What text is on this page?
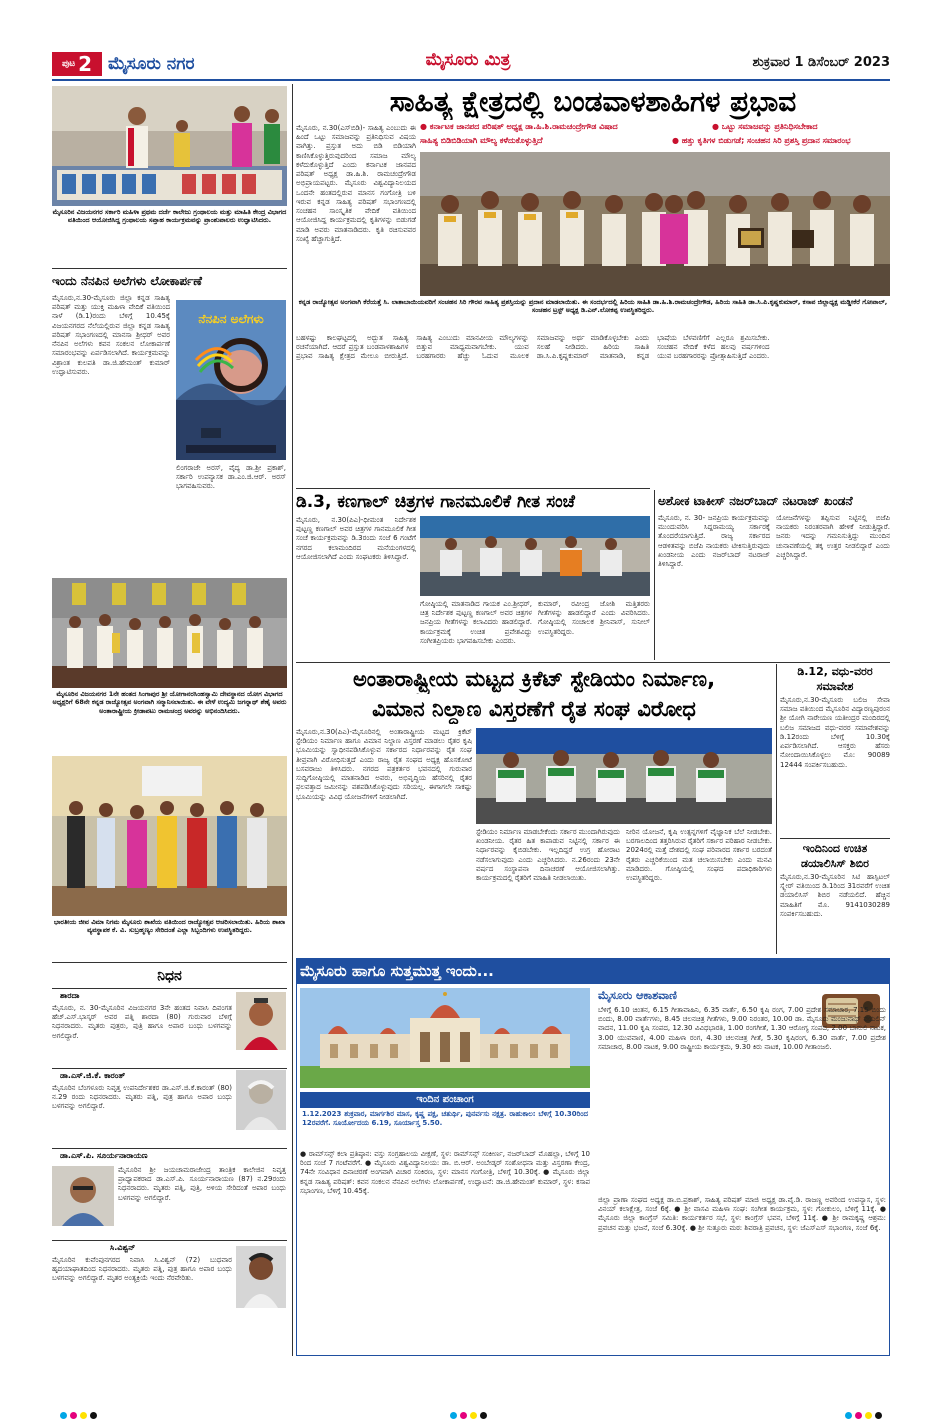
ಪುಟ 2 ಮೈಸೂರು ನಗರ	ಮೈಸೂರು ಮಿತ್ರ	ಶುಕ್ರವಾರ 1 ಡಿಸೆಂಬರ್ 2023
ಮೈಸೂರಿನ ವಿಜಯನಗರ ಸರ್ಕಾರಿ ಮಹಿಳಾ ಪ್ರಥಮ ದರ್ಜೆ ಕಾಲೇಜು ಗ್ರಂಥಾಲಯ ಮತ್ತು ಮಾಹಿತಿ ಕೇಂದ್ರ ವಿಭಾಗದ ವತಿಯಿಂದ ಆಯೋಜಿಸಿದ್ದ ಗ್ರಂಥಾಲಯ ಸಪ್ತಾಹ ಕಾರ್ಯಕ್ರಮವನ್ನು ಪ್ರಾಂಶುಪಾಲರು ಉದ್ಘಾಟಿಸಿದರು.
ಇಂದು ನೆನಪಿನ ಅಲೆಗಳು ಲೋಕಾರ್ಪಣೆ
ಮೈಸೂರು,ನ.30-ಮೈಸೂರು ಜಿಲ್ಲಾ ಕನ್ನಡ ಸಾಹಿತ್ಯ ಪರಿಷತ್ ಮತ್ತು ಯುಕ್ತಿ ಮಹಿಳಾ ವೇದಿಕೆ ವತಿಯಿಂದ ನಾಳೆ (ಡಿ.1)ರಂದು ಬೆಳಿಗ್ಗೆ 10.45ಕ್ಕೆ ವಿಜಯನಗರದ ನೆಲೆಯಲ್ಲಿರುವ ಜಿಲ್ಲಾ ಕನ್ನಡ ಸಾಹಿತ್ಯ ಪರಿಷತ್ ಸಭಾಂಗಣದಲ್ಲಿ ಮಾನಸಾ ಶ್ರೀಧರ್ ಅವರ ನೆನಪಿನ ಅಲೆಗಳು ಕವನ ಸಂಕಲನ ಲೋಕಾರ್ಪಣೆ ಸಮಾರಂಭವನ್ನು ಏರ್ಪಡಿಸಲಾಗಿದೆ. ಕಾರ್ಯಕ್ರಮವನ್ನು ವಿಶ್ರಾಂತ ಕುಲಪತಿ ಡಾ.ಜಿ.ಹೇಮಂತ್ ಕುಮಾರ್ ಉದ್ಘಾಟಿಸುವರು.
ನೆನಪಿನ ಅಲೆಗಳು
ಲಿಂಗರಾಜೇ ಅರಸ್, ವೈದ್ಯ ಡಾ.ಶ್ರೀ ಪ್ರಕಾಶ್, ಸರ್ಕಾರಿ ಉಪನ್ಯಾಸಕ ಡಾ.ಎಂ.ಜಿ.ಆರ್. ಅರಸ್ ಭಾಗವಹಿಸುವರು.
ಮೈಸೂರಿನ ವಿಜಯನಗರ 1ನೇ ಹಂತದ ಸಿಂಗಾಪುರ ಶ್ರೀ ಯೋಗಾನರಸಿಂಹಸ್ವಾಮಿ ದೇವಸ್ಥಾನದ ಯೋಗ ವಿಭಾಗದ ಅಧ್ಯಕ್ಷರಿಗೆ 68ನೇ ಕನ್ನಡ ರಾಜ್ಯೋತ್ಸವ ಅಂಗವಾಗಿ ಸನ್ಮಾನಿಸಲಾಯಿತು. ಈ ವೇಳೆ ಉದ್ಯಮಿ ಜಗನ್ನಾಥ್ ಶೆಣೈ ಅವರು ಅಂತಾರಾಷ್ಟ್ರೀಯ ಕ್ರೀಡಾಪಟು ರಾಮಚಂದ್ರ ಅವರನ್ನು ಅಭಿನಂದಿಸಿದರು.
ಭಾರತೀಯ ಜೀವ ವಿಮಾ ನಿಗಮ ಮೈಸೂರು ಶಾಖೆಯ ವತಿಯಿಂದ ರಾಜ್ಯೋತ್ಸವ ಆಚರಿಸಲಾಯಿತು. ಹಿರಿಯ ಶಾಖಾ ವ್ಯವಸ್ಥಾಪಕ ಕೆ. ವಿ. ಸುಬ್ರಹ್ಮಣ್ಯಂ ಸೇರಿದಂತೆ ಎಲ್ಲಾ ಸಿಬ್ಬಂದಿಗಳು ಉಪಸ್ಥಿತರಿದ್ದರು.
ನಿಧನ
ಶಾರದಾ
ಮೈಸೂರು, ನ. 30-ಮೈಸೂರಿನ ವಿಜಯನಗರ 3ನೇ ಹಂತದ ನಿವಾಸಿ ದಿವಂಗತ ಹೆಚ್.ಎಸ್.ಭಾಸ್ಕರ್ ಅವರ ಪತ್ನಿ ಶಾರದಾ (80) ಗುರುವಾರ ಬೆಳಿಗ್ಗೆ ನಿಧನರಾದರು. ಮೃತರು ಪುತ್ರರು, ಪುತ್ರಿ ಹಾಗೂ ಅಪಾರ ಬಂಧು ಬಳಗವನ್ನು ಅಗಲಿದ್ದಾರೆ.
ಡಾ.ಎಸ್.ಜಿ.ಕೆ. ಕಾರಂತ್
ಮೈಸೂರಿನ ಬೆಂಗಳೂರು ನಿವೃತ್ತ ಉಪನಿರ್ದೇಶಕರ ಡಾ.ಎಸ್.ಜಿ.ಕೆ.ಕಾರಂತ್ (80) ನ.29 ರಂದು ನಿಧನರಾದರು. ಮೃತರು ಪತ್ನಿ, ಪುತ್ರ ಹಾಗೂ ಅಪಾರ ಬಂಧು ಬಳಗವನ್ನು ಅಗಲಿದ್ದಾರೆ.
ಡಾ.ಎಸ್.ಪಿ. ಸೂರ್ಯನಾರಾಯಣ
ಮೈಸೂರಿನ ಶ್ರೀ ಜಯಚಾಮರಾಜೇಂದ್ರ ತಾಂತ್ರಿಕ ಕಾಲೇಜಿನ ನಿವೃತ್ತ ಪ್ರಾಧ್ಯಾಪಕರಾದ ಡಾ.ಎಸ್.ಪಿ. ಸೂರ್ಯನಾರಾಯಣ (87) ನ.29ರಂದು ನಿಧನರಾದರು. ಮೃತರು ಪತ್ನಿ, ಪುತ್ರಿ, ಅಳಿಯ ಸೇರಿದಂತೆ ಅಪಾರ ಬಂಧು ಬಳಗವನ್ನು ಅಗಲಿದ್ದಾರೆ.
ಸಿ.ವಿಶ್ವನ್
ಮೈಸೂರಿನ ಕುವೆಂಪುನಗರದ ನಿವಾಸಿ ಸಿ.ವಿಶ್ವನ್ (72) ಬುಧವಾರ ಹೃದಯಾಘಾತದಿಂದ ನಿಧನರಾದರು. ಮೃತರು ಪತ್ನಿ, ಪುತ್ರ ಹಾಗೂ ಅಪಾರ ಬಂಧು ಬಳಗವನ್ನು ಅಗಲಿದ್ದಾರೆ. ಮೃತರ ಅಂತ್ಯಕ್ರಿಯೆ ಇಂದು ನೆರವೇರಿತು.
ಸಾಹಿತ್ಯ ಕ್ಷೇತ್ರದಲ್ಲಿ ಬಂಡವಾಳಶಾಹಿಗಳ ಪ್ರಭಾವ
ಮೈಸೂರು, ನ.30(ಎಸ್‌ಬಿಡಿ)- ಸಾಹಿತ್ಯ ಎಂಬುದು ಈ ಹಿಂದೆ ಒಟ್ಟು ಸಮಾಜವನ್ನು ಪ್ರತಿನಿಧಿಸುವ ವಿಷಯ ವಾಗಿತ್ತು. ಪ್ರಸ್ತುತ ಅದು ಬಿಡಿ ಬಿಡಿಯಾಗಿ ಕಾಣಿಸಿಕೊಳ್ಳುತ್ತಿರುವುದರಿಂದ ಸಮಾಜ ಮೌಲ್ಯ ಕಳೆದುಕೊಳ್ಳುತ್ತಿದೆ ಎಂದು ಕರ್ನಾಟಕ ಜಾನಪದ ಪರಿಷತ್ ಅಧ್ಯಕ್ಷ ಡಾ.ಹಿ.ಶಿ. ರಾಮಚಂದ್ರೇಗೌಡ ಅಭಿಪ್ರಾಯಪಟ್ಟರು. ಮೈಸೂರು ವಿಶ್ವವಿದ್ಯಾನಿಲಯದ ಒಂದನೇ ಹಂತದಲ್ಲಿರುವ ಮಾನಸ ಗಂಗೋತ್ರಿ ಬಳಿ ಇರುವ ಕನ್ನಡ ಸಾಹಿತ್ಯ ಪರಿಷತ್ ಸಭಾಂಗಣದಲ್ಲಿ ಸಂಚಹನ ಸಾಂಸ್ಕೃತಿಕ ವೇದಿಕೆ ವತಿಯಿಂದ ಆಯೋಜಿಸಿದ್ದ ಕಾರ್ಯಕ್ರಮದಲ್ಲಿ ಕೃತಿಗಳನ್ನು ಬಿಡುಗಡೆ ಮಾಡಿ ಅವರು ಮಾತನಾಡಿದರು. ಕೃತಿ ರಚಿಸುವವರ ಸಂಖ್ಯೆ ಹೆಚ್ಚಾಗುತ್ತಿದೆ.
● ಕರ್ನಾಟಕ ಜಾನಪದ ಪರಿಷತ್ ಅಧ್ಯಕ್ಷ ಡಾ.ಹಿ.ಶಿ.ರಾಮಚಂದ್ರೇಗೌಡ ವಿಷಾದ	● ಒಟ್ಟು ಸಮಾಜವನ್ನು ಪ್ರತಿನಿಧಿಸಬೇಕಾದ
ಸಾಹಿತ್ಯ ಬಿಡಿಬಿಡಿಯಾಗಿ ಮೌಲ್ಯ ಕಳೆದುಕೊಳ್ಳುತ್ತಿದೆ	● ಹತ್ತು ಕೃತಿಗಳ ಬಿಡುಗಡೆ; ಸಂಚಹನ ಸಿರಿ ಪ್ರಶಸ್ತಿ ಪ್ರದಾನ ಸಮಾರಂಭ
ಕನ್ನಡ ರಾಜ್ಯೋತ್ಸವ ಅಂಗವಾಗಿ ಕೆರೆಯತ್ತೆ ಸಿ. ಲಾತಾಬಾಯಿಯವರಿಗೆ ಸಂಚಹನ ಸಿರಿ ಗೌರವ ಸಾಹಿತ್ಯ ಪ್ರಶಸ್ತಿಯನ್ನು ಪ್ರದಾನ ಮಾಡಲಾಯಿತು. ಈ ಸಂದರ್ಭದಲ್ಲಿ ಹಿರಿಯ ಸಾಹಿತಿ ಡಾ.ಹಿ.ಶಿ.ರಾಮಚಂದ್ರೇಗೌಡ, ಹಿರಿಯ ಸಾಹಿತಿ ಡಾ.ಸಿ.ಪಿ.ಕೃಷ್ಣಕುಮಾರ್, ಕಸಾಪ ಜಿಲ್ಲಾಧ್ಯಕ್ಷ ಮಡ್ಡೀಕೆರೆ ಗೋಪಾಲ್, ಸಂಚಹನ ಟ್ರಸ್ಟ್ ಅಧ್ಯಕ್ಷ ಡಿ.ಎನ್.ಲೋಕಪ್ಪ ಉಪಸ್ಥಿತರಿದ್ದರು.
ಬಹಳಷ್ಟು ಕಾಲಘಟ್ಟದಲ್ಲಿ ಅದ್ಭುತ ಸಾಹಿತ್ಯ ರಚನೆಯಾಗಿದೆ. ಆದರೆ ಪ್ರಸ್ತುತ ಬಂಡವಾಳಶಾಹಿಗಳ ಪ್ರಭಾವ ಸಾಹಿತ್ಯ ಕ್ಷೇತ್ರದ ಮೇಲೂ ಬೀರುತ್ತಿದೆ. ಸಾಹಿತ್ಯ ಎಂಬುದು ಮಾನವೀಯ ಮೌಲ್ಯಗಳನ್ನು ಬಿತ್ತುವ ಮಾಧ್ಯಮವಾಗಬೇಕು. ಯುವ ಬರಹಗಾರರು ಹೆಚ್ಚು ಓದುವ ಮೂಲಕ ಸಮಾಜವನ್ನು ಅರ್ಥ ಮಾಡಿಕೊಳ್ಳಬೇಕು ಎಂದು ಸಲಹೆ ನೀಡಿದರು. ಹಿರಿಯ ಸಾಹಿತಿ ಡಾ.ಸಿ.ಪಿ.ಕೃಷ್ಣಕುಮಾರ್ ಮಾತನಾಡಿ, ಕನ್ನಡ ಭಾಷೆಯ ಬೆಳವಣಿಗೆಗೆ ಎಲ್ಲರೂ ಶ್ರಮಿಸಬೇಕು. ಸಂಚಹನ ವೇದಿಕೆ ಕಳೆದ ಹಲವು ವರ್ಷಗಳಿಂದ ಯುವ ಬರಹಗಾರರನ್ನು ಪ್ರೋತ್ಸಾಹಿಸುತ್ತಿದೆ ಎಂದರು.
ಡಿ.3, ಕಣಗಾಲ್ ಚಿತ್ರಗಳ ಗಾನಮೂಲಿಕೆ ಗೀತ ಸಂಚೆ
ಮೈಸೂರು, ನ.30(ಪಿಎ)-ಧೀಮಂತ ನಿರ್ದೇಶಕ ಪುಟ್ಟಣ್ಣ ಕಣಗಾಲ್ ಅವರ ಚಿತ್ರಗಳ ಗಾನಮೂಲಿಕೆ ಗೀತ ಸಂಚೆ ಕಾರ್ಯಕ್ರಮವನ್ನು ಡಿ.3ರಂದು ಸಂಜೆ 6 ಗಂಟೆಗೆ ನಗರದ ಕಲಾಮಂದಿರದ ಮನೆಯಂಗಳದಲ್ಲಿ ಆಯೋಜಿಸಲಾಗಿದೆ ಎಂದು ಸಂಘಟಕರು ತಿಳಿಸಿದ್ದಾರೆ.
ಗೋಷ್ಠಿಯಲ್ಲಿ ಮಾತನಾಡಿದ ಗಾಯಕ ಎಂ.ಶ್ರೀಧರ್, ಚಿತ್ರ ನಿರ್ದೇಶಕ ಪುಟ್ಟಣ್ಣ ಕಣಗಾಲ್ ಅವರ ಚಿತ್ರಗಳ ಜನಪ್ರಿಯ ಗೀತೆಗಳನ್ನು ಕಲಾವಿದರು ಹಾಡಲಿದ್ದಾರೆ. ಕಾರ್ಯಕ್ರಮಕ್ಕೆ ಉಚಿತ ಪ್ರವೇಶವಿದ್ದು ಸಂಗೀತಪ್ರಿಯರು ಭಾಗವಹಿಸಬೇಕು ಎಂದರು.
ಕುಮಾರ್, ರವೀಂದ್ರ ಜೋಶಿ ಮತ್ತಿತರರು ಗೀತೆಗಳನ್ನು ಹಾಡಲಿದ್ದಾರೆ ಎಂದು ವಿವರಿಸಿದರು. ಗೋಷ್ಠಿಯಲ್ಲಿ ಸಂಚಾಲಕ ಶ್ರೀನಿವಾಸ್, ಸುನೀಲ್ ಉಪಸ್ಥಿತರಿದ್ದರು.
ಅಶೋಕ ಟಾಕೀಸ್ ನಜರ್‌ಬಾದ್ ನಟರಾಜ್ ಖಂಡನೆ
ಮೈಸೂರು, ನ. 30- ಜನಪ್ರಿಯ ಕಾರ್ಯಕ್ರಮವನ್ನು ಮುಂದುವರಿಸಿ ಸಿದ್ದರಾಮಯ್ಯ ಸರ್ಕಾರಕ್ಕೆ ತೊಂದರೆಯಾಗುತ್ತಿದೆ. ರಾಜ್ಯ ಸರ್ಕಾರದ ಆಡಳಿತವನ್ನು ಬಿಜೆಪಿ ನಾಯಕರು ಟೀಕಿಸುತ್ತಿರುವುದು ಖಂಡನೀಯ ಎಂದು ನಜರ್‌ಬಾದ್ ನಟರಾಜ್ ತಿಳಿಸಿದ್ದಾರೆ.
ಯೋಜನೆಗಳನ್ನು ತಪ್ಪಿಸುವ ನಿಟ್ಟಿನಲ್ಲಿ ಬಿಜೆಪಿ ನಾಯಕರು ನಿರಂತರವಾಗಿ ಹೇಳಿಕೆ ನೀಡುತ್ತಿದ್ದಾರೆ. ಜನರು ಇದನ್ನು ಗಮನಿಸುತ್ತಿದ್ದು ಮುಂದಿನ ಚುನಾವಣೆಯಲ್ಲಿ ತಕ್ಕ ಉತ್ತರ ನೀಡಲಿದ್ದಾರೆ ಎಂದು ಎಚ್ಚರಿಸಿದ್ದಾರೆ.
ಅಂತಾರಾಷ್ಟ್ರೀಯ ಮಟ್ಟದ ಕ್ರಿಕೆಟ್ ಸ್ಟೇಡಿಯಂ ನಿರ್ಮಾಣ,
ವಿಮಾನ ನಿಲ್ದಾಣ ವಿಸ್ತರಣೆಗೆ ರೈತ ಸಂಘ ವಿರೋಧ
ಮೈಸೂರು,ನ.30(ಪಿಎ)-ಮೈಸೂರಿನಲ್ಲಿ ಅಂತಾರಾಷ್ಟ್ರೀಯ ಮಟ್ಟದ ಕ್ರಿಕೆಟ್ ಸ್ಟೇಡಿಯಂ ನಿರ್ಮಾಣ ಹಾಗೂ ವಿಮಾನ ನಿಲ್ದಾಣ ವಿಸ್ತರಣೆ ಮಾಡಲು ರೈತರ ಕೃಷಿ ಭೂಮಿಯನ್ನು ಸ್ವಾಧೀನಪಡಿಸಿಕೊಳ್ಳುವ ಸರ್ಕಾರದ ನಿರ್ಧಾರವನ್ನು ರೈತ ಸಂಘ ತೀವ್ರವಾಗಿ ವಿರೋಧಿಸುತ್ತದೆ ಎಂದು ರಾಜ್ಯ ರೈತ ಸಂಘದ ಅಧ್ಯಕ್ಷ ಹೊಸಕೋಟೆ ಬಸವರಾಜು ತಿಳಿಸಿದರು. ನಗರದ ಪತ್ರಕರ್ತರ ಭವನದಲ್ಲಿ ಗುರುವಾರ ಸುದ್ದಿಗೋಷ್ಠಿಯಲ್ಲಿ ಮಾತನಾಡಿದ ಅವರು, ಅಭಿವೃದ್ಧಿಯ ಹೆಸರಿನಲ್ಲಿ ರೈತರ ಫಲವತ್ತಾದ ಜಮೀನನ್ನು ವಶಪಡಿಸಿಕೊಳ್ಳುವುದು ಸರಿಯಲ್ಲ. ಈಗಾಗಲೇ ಸಾಕಷ್ಟು ಭೂಮಿಯನ್ನು ವಿವಿಧ ಯೋಜನೆಗಳಿಗೆ ನೀಡಲಾಗಿದೆ.
ಸ್ಟೇಡಿಯಂ ನಿರ್ಮಾಣ ಮಾಡಬೇಕೆಂದು ಸರ್ಕಾರ ಮುಂದಾಗಿರುವುದು ಖಂಡನೀಯ. ರೈತರ ಹಿತ ಕಾಪಾಡುವ ನಿಟ್ಟಿನಲ್ಲಿ ಸರ್ಕಾರ ಈ ನಿರ್ಧಾರವನ್ನು ಕೈಬಿಡಬೇಕು. ಇಲ್ಲದಿದ್ದರೆ ಉಗ್ರ ಹೋರಾಟ ನಡೆಸಲಾಗುವುದು ಎಂದು ಎಚ್ಚರಿಸಿದರು. ನ.26ರಂದು 23ನೇ ವರ್ಷದ ಸಂಸ್ಥಾಪನಾ ದಿನಾಚರಣೆ ಆಯೋಜಿಸಲಾಗಿತ್ತು. ಕಾರ್ಯಕ್ರಮದಲ್ಲಿ ರೈತರಿಗೆ ಮಾಹಿತಿ ನೀಡಲಾಯಿತು.
ನೀರಿನ ಯೋಜನೆ, ಕೃಷಿ ಉತ್ಪನ್ನಗಳಿಗೆ ವೈಜ್ಞಾನಿಕ ಬೆಲೆ ನೀಡಬೇಕು. ಬರಗಾಲದಿಂದ ತತ್ತರಿಸಿರುವ ರೈತರಿಗೆ ಸರ್ಕಾರ ಪರಿಹಾರ ನೀಡಬೇಕು. 2024ರಲ್ಲಿ ಮತ್ತೆ ದೇಶದಲ್ಲಿ ಸಂಘ ಪರಿವಾರದ ಸರ್ಕಾರ ಬರದಂತೆ ರೈತರು ಎಚ್ಚರಿಕೆಯಿಂದ ಮತ ಚಲಾಯಿಸಬೇಕು ಎಂದು ಮನವಿ ಮಾಡಿದರು. ಗೋಷ್ಠಿಯಲ್ಲಿ ಸಂಘದ ಪದಾಧಿಕಾರಿಗಳು ಉಪಸ್ಥಿತರಿದ್ದರು.
ಡಿ.12, ವಧು-ವರರ ಸಮಾವೇಶ
ಮೈಸೂರು,ನ.30-ಮೈಸೂರು ಬಲಿಜ ಸೇವಾ ಸಮಾಜ ವತಿಯಿಂದ ಮೈಸೂರಿನ ವಿದ್ಯಾರಣ್ಯಪುರಂನ ಶ್ರೀ ಯೋಗಿ ನಾರೇಯಣ ಯತೀಂದ್ರರ ಮಂದಿರದಲ್ಲಿ ಬಲಿಜ ಸಮಾಜದ ವಧು-ವರರ ಸಮಾವೇಶವನ್ನು ಡಿ.12ರಂದು ಬೆಳಿಗ್ಗೆ 10.30ಕ್ಕೆ ಏರ್ಪಡಿಸಲಾಗಿದೆ. ಆಸಕ್ತರು ಹೆಸರು ನೋಂದಾಯಿಸಿಕೊಳ್ಳಲು ಮೊ: 90089 12444 ಸಂಪರ್ಕಿಸಬಹುದು.
ಇಂದಿನಿಂದ ಉಚಿತ ಡಯಾಲಿಸಿಸ್ ಶಿಬಿರ
ಮೈಸೂರು,ನ.30-ಮೈಸೂರಿನ ಸಿಟಿ ಹಾಸ್ಪಿಟಲ್ ಸ್ಕ್ವೇರ್ ವತಿಯಿಂದ ಡಿ.1ರಿಂದ 31ರವರೆಗೆ ಉಚಿತ ಡಯಾಲಿಸಿಸ್ ಶಿಬಿರ ನಡೆಯಲಿದೆ. ಹೆಚ್ಚಿನ ಮಾಹಿತಿಗೆ ಮೊ. 9141030289 ಸಂಪರ್ಕಿಸಬಹುದು.
ಮೈಸೂರು ಹಾಗೂ ಸುತ್ತಮುತ್ತ ಇಂದು...
ಇಂದಿನ ಪಂಚಾಂಗ
1.12.2023 ಶುಕ್ರವಾರ, ಮಾರ್ಗಶಿರ ಮಾಸ, ಕೃಷ್ಣ ಪಕ್ಷ, ಚತುರ್ಥಿ, ಪುನರ್ವಸು ನಕ್ಷತ್ರ. ರಾಹುಕಾಲ: ಬೆಳಿಗ್ಗೆ 10.30ರಿಂದ 12ರವರೆಗೆ. ಸೂರ್ಯೋದಯ 6.19, ಸೂರ್ಯಾಸ್ತ 5.50.
ಮೈಸೂರು ಆಕಾಶವಾಣಿ
ಬೆಳಿಗ್ಗೆ 6.10 ಚಿಂತನ, 6.15 ಗೀತಾವಾಹಿನಿ, 6.35 ವಾರ್ತೆ, 6.50 ಕೃಷಿ ರಂಗ, 7.00 ಪ್ರದೇಶ ಸಮಾಚಾರ, 7.15 ಬಿಂದು ಬಿಂದು, 8.00 ವಾರ್ತೆಗಳು, 8.45 ಚಲನಚಿತ್ರ ಗೀತೆಗಳು, 9.00 ನಿರಂತರ, 10.00 ಡಾ. ಮೈಸೂರು ಮಂಜುನಾಥ್ ವಯಲಿನ್ ವಾದನ, 11.00 ಕೃಷಿ ಸಂಪದ, 12.30 ವಿವಿಧಭಾರತಿ, 1.00 ರಂಗಗೀತೆ, 1.30 ಆರೋಗ್ಯ ಸಂಪದ, 2.00 ಬಾನುಲಿ ನಾಟಕ, 3.00 ಯುವವಾಣಿ, 4.00 ಮಹಿಳಾ ರಂಗ, 4.30 ಚಲನಚಿತ್ರ ಗೀತೆ, 5.30 ಕೃಷಿರಂಗ, 6.30 ವಾರ್ತೆ, 7.00 ಪ್ರದೇಶ ಸಮಾಚಾರ, 8.00 ನಾಟಕ, 9.00 ರಾಷ್ಟ್ರೀಯ ಕಾರ್ಯಕ್ರಮ, 9.30 ಕಿರು ನಾಟಕ, 10.00 ಗೀತಾಂಜಲಿ.
● ರಾಮ್‌ಸನ್ಸ್ ಕಲಾ ಪ್ರತಿಷ್ಠಾನ: ವಸ್ತು ಸಂಗ್ರಹಾಲಯ ವೀಕ್ಷಣೆ, ಸ್ಥಳ: ರಾಮ್‌ಸನ್ಸ್ ಸಂಕೀರ್ಣ, ನಜರ್‌ಬಾದ್ ಮೊಹಲ್ಲಾ, ಬೆಳಿಗ್ಗೆ 10 ರಿಂದ ಸಂಜೆ 7 ಗಂಟೆವರೆಗೆ. ● ಮೈಸೂರು ವಿಶ್ವವಿದ್ಯಾನಿಲಯ: ಡಾ. ಬಿ.ಆರ್. ಅಂಬೇಡ್ಕರ್ ಸಂಶೋಧನಾ ಮತ್ತು ವಿಸ್ತರಣಾ ಕೇಂದ್ರ, 74ನೇ ಸಂವಿಧಾನ ದಿನಾಚರಣೆ ಅಂಗವಾಗಿ ವಿಚಾರ ಸಂಕಿರಣ, ಸ್ಥಳ: ಮಾನಸ ಗಂಗೋತ್ರಿ, ಬೆಳಿಗ್ಗೆ 10.30ಕ್ಕೆ. ● ಮೈಸೂರು ಜಿಲ್ಲಾ ಕನ್ನಡ ಸಾಹಿತ್ಯ ಪರಿಷತ್: ಕವನ ಸಂಕಲನ ನೆನಪಿನ ಅಲೆಗಳು ಲೋಕಾರ್ಪಣೆ, ಉದ್ಘಾಟನೆ: ಡಾ.ಜಿ.ಹೇಮಂತ್ ಕುಮಾರ್, ಸ್ಥಳ: ಕಸಾಪ ಸಭಾಂಗಣ, ಬೆಳಿಗ್ಗೆ 10.45ಕ್ಕೆ.
ಜಿಲ್ಲಾ ಪ್ರಾಣಾ ಸಂಘದ ಅಧ್ಯಕ್ಷ ಡಾ.ಬಿ.ಪ್ರಕಾಶ್, ಸಾಹಿತ್ಯ ಪರಿಷತ್ ಮಾಜಿ ಅಧ್ಯಕ್ಷ ಡಾ.ವೈ.ಡಿ. ರಾಜಣ್ಣ ಅವರಿಂದ ಉಪನ್ಯಾಸ, ಸ್ಥಳ: ವಿನಯ್ ಕಲಾಕ್ಷೇತ್ರ, ಸಂಜೆ 6ಕ್ಕೆ. ● ಶ್ರೀ ವಾಸವಿ ಮಹಿಳಾ ಸಂಘ: ಸಂಗೀತ ಕಾರ್ಯಕ್ರಮ, ಸ್ಥಳ: ಗೋಕುಲಂ, ಬೆಳಿಗ್ಗೆ 11ಕ್ಕೆ. ● ಮೈಸೂರು ಜಿಲ್ಲಾ ಕಾಂಗ್ರೆಸ್ ಸಮಿತಿ: ಕಾರ್ಯಕರ್ತರ ಸಭೆ, ಸ್ಥಳ: ಕಾಂಗ್ರೆಸ್ ಭವನ, ಬೆಳಿಗ್ಗೆ 11ಕ್ಕೆ. ● ಶ್ರೀ ರಾಮಕೃಷ್ಣ ಆಶ್ರಮ: ಪ್ರವಚನ ಮತ್ತು ಭಜನೆ, ಸಂಜೆ 6.30ಕ್ಕೆ. ● ಶ್ರೀ ಸುತ್ತೂರು ಮಠ: ಶಿವರಾತ್ರಿ ಪ್ರವಚನ, ಸ್ಥಳ: ಜೆಎಸ್‌ಎಸ್ ಸಭಾಂಗಣ, ಸಂಜೆ 6ಕ್ಕೆ.
